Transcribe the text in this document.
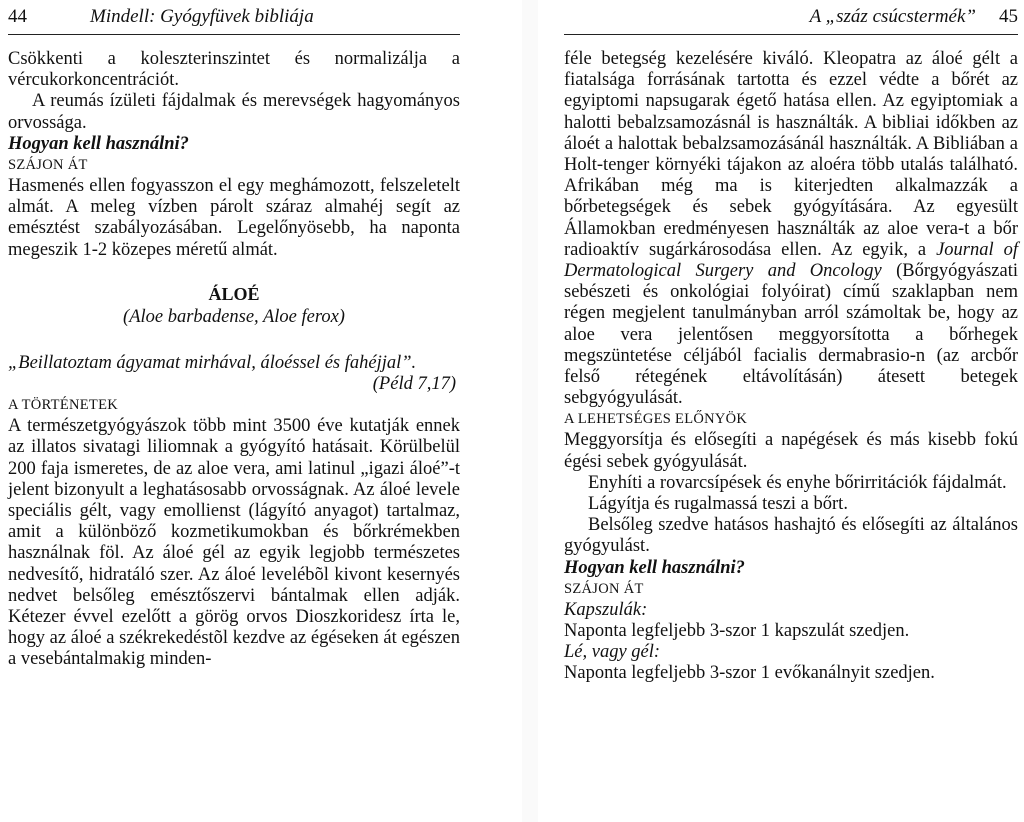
44	Mindell: Gyógyfüvek bibliája

Csökkenti a koleszterinszintet és normalizálja a vércukorkoncentrációt.

A reumás ízületi fájdalmak és merevségek hagyományos orvossága.

Hogyan kell használni?
SZÁJON ÁT

Hasmenés ellen fogyasszon el egy meghámozott, felszeletelt almát. A meleg vízben párolt száraz almahéj segít az emésztést szabályozásában. Legelőnyösebb, ha naponta megeszik 1-2 közepes méretű almát.

ÁLOÉ
(Aloe barbadense, Aloe ferox)
„Beillatoztam ágyamat mirhával, áloéssel és fahéjjal”.
(Péld 7,17)
A TÖRTÉNETEK

A természetgyógyászok több mint 3500 éve kutatják ennek az illatos sivatagi liliomnak a gyógyító hatásait. Körülbelül 200 faja ismeretes, de az aloe vera, ami latinul „igazi áloé”-t jelent bizonyult a leghatásosabb orvosságnak. Az áloé levele speciális gélt, vagy emollienst (lágyító anyagot) tartalmaz, amit a különböző kozmetikumokban és bőrkrémekben használnak föl. Az áloé gél az egyik legjobb természetes nedvesítő, hidratáló szer. Az áloé levelébõl kivont kesernyés nedvet belsőleg emésztőszervi bántalmak ellen adják. Kétezer évvel ezelőtt a görög orvos Dioszkoridesz írta le, hogy az áloé a székrekedéstõl kezdve az égéseken át egészen a vesebántalmakig minden-

A „száz csúcstermék” 45

féle betegség kezelésére kiváló. Kleopatra az áloé gélt a fiatalsága forrásának tartotta és ezzel védte a bőrét az egyiptomi napsugarak égető hatása ellen. Az egyiptomiak a halotti bebalzsamozásnál is használták. A bibliai időkben az áloét a halottak bebalzsamozásánál használták. A Bibliában a Holt-tenger környéki tájakon az aloéra több utalás található. Afrikában még ma is kiterjedten alkalmazzák a bőrbetegségek és sebek gyógyítására. Az egyesült Államokban eredményesen használták az aloe vera-t a bőr radioaktív sugárkárosodása ellen. Az egyik, a Journal of Dermatological Surgery and Oncology (Bőrgyógyászati sebészeti és onkológiai folyóirat) című szaklapban nem régen megjelent tanulmányban arról számoltak be, hogy az aloe vera jelentősen meggyorsította a bőrhegek megszüntetése céljából facialis dermabrasio-n (az arcbőr felső rétegének eltávolításán) átesett betegek sebgyógyulását.

A LEHETSÉGES ELŐNYÖK

Meggyorsítja és elősegíti a napégések és más kisebb fokú égési sebek gyógyulását.

Enyhíti a rovarcsípések és enyhe bőrirritációk fájdalmát.

Lágyítja és rugalmassá teszi a bőrt.

Belsőleg szedve hatásos hashajtó és elősegíti az általános gyógyulást.

Hogyan kell használni?
SZÁJON ÁT
Kapszulák:

Naponta legfeljebb 3-szor 1 kapszulát szedjen.

Lé, vagy gél:

Naponta legfeljebb 3-szor 1 evőkanálnyit szedjen.
